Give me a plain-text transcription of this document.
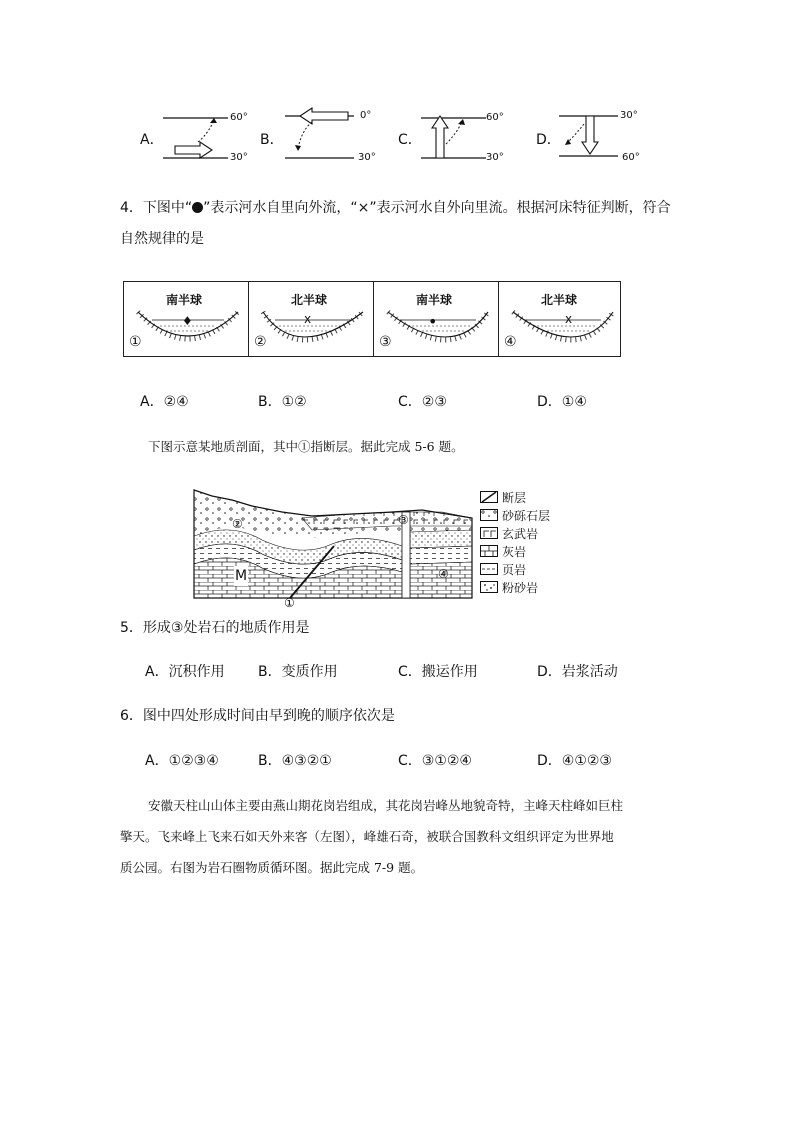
A．
60°
30°
B．
0°
30°
C．
60°
30°
D．
30°
60°
4．下图中“ ”表示河水自里向外流，“×”表示河水自外向里流。根据河床特征判断，符合
自然规律的是
南半球
♦
①
北半球
x
②
南半球
•
③
北半球
x
④
A．②④	B．①②	C．②③	D．①④
下图示意某地质剖面，其中①指断层。据此完成 5-6 题。
①
②	③
④
M
断层
砂砾石层
玄武岩
灰岩
页岩
粉砂岩
5．形成③处岩石的地质作用是
A．沉积作用 B．变质作用	C．搬运作用	D．岩浆活动
6．图中四处形成时间由早到晚的顺序依次是
A．①②③④	B．④③②①	C．③①②④	D．④①②③
安徽天柱山山体主要由燕山期花岗岩组成，其花岗岩峰丛地貌奇特，主峰天柱峰如巨柱
擎天。飞来峰上飞来石如天外来客（左图），峰雄石奇，被联合国教科文组织评定为世界地
质公园。右图为岩石圈物质循环图。据此完成 7-9 题。
